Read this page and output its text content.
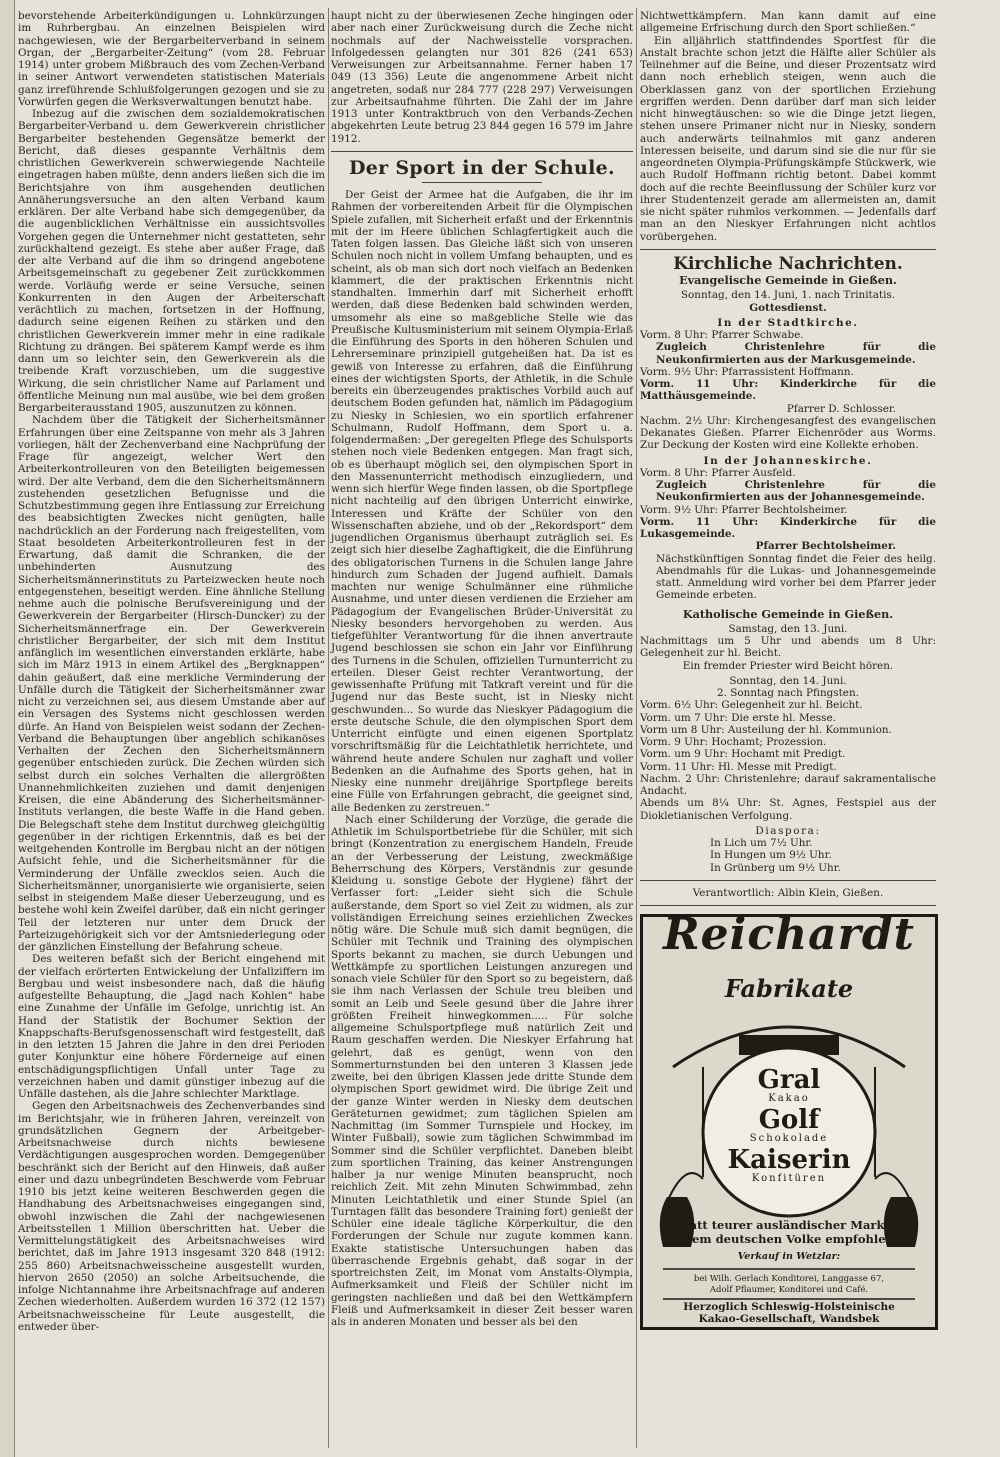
bevorstehende Arbeiterkündigungen u. Lohnkürzungen im Ruhrbergbau. An einzelnen Beispielen wird nachgewiesen, wie der Bergarbeiterverband in seinem Organ, der „Bergarbeiter-Zeitung“ (vom 28. Februar 1914) unter grobem Mißbrauch des vom Zechen-Verband in seiner Antwort verwendeten statistischen Materials ganz irreführende Schlußfolgerungen gezogen und sie zu Vorwürfen gegen die Werksverwaltungen benutzt habe.

Inbezug auf die zwischen dem sozialdemokratischen Bergarbeiter-Verband u. dem Gewerkverein christlicher Bergarbeiter bestehenden Gegensätze bemerkt der Bericht, daß dieses gespannte Verhältnis dem christlichen Gewerkverein schwerwiegende Nachteile eingetragen haben müßte, denn anders ließen sich die im Berichtsjahre von ihm ausgehenden deutlichen Annäherungsversuche an den alten Verband kaum erklären. Der alte Verband habe sich demgegenüber, da die augenblicklichen Verhältnisse ein aussichtsvolles Vorgehen gegen die Unternehmer nicht gestatteten, sehr zurückhaltend gezeigt. Es stehe aber außer Frage, daß der alte Verband auf die ihm so dringend angebotene Arbeitsgemeinschaft zu gegebener Zeit zurückkommen werde. Vorläufig werde er seine Versuche, seinen Konkurrenten in den Augen der Arbeiterschaft verächtlich zu machen, fortsetzen in der Hoffnung, dadurch seine eigenen Reihen zu stärken und den christlichen Gewerkverein immer mehr in eine radikale Richtung zu drängen. Bei späterem Kampf werde es ihm dann um so leichter sein, den Gewerkverein als die treibende Kraft vorzuschieben, um die suggestive Wirkung, die sein christlicher Name auf Parlament und öffentliche Meinung nun mal ausübe, wie bei dem großen Bergarbeiterausstand 1905, auszunutzen zu können.

Nachdem über die Tätigkeit der Sicherheitsmänner Erfahrungen über eine Zeitspanne von mehr als 3 Jahren vorliegen, hält der Zechenverband eine Nachprüfung der Frage für angezeigt, welcher Wert den Arbeiterkontrolleuren von den Beteiligten beigemessen wird. Der alte Verband, dem die den Sicherheitsmännern zustehenden gesetzlichen Befugnisse und die Schutzbestimmung gegen ihre Entlassung zur Erreichung des beabsichtigten Zweckes nicht genügten, halle nachdrücklich an der Forderung nach freigestellten, vom Staat besoldeten Arbeiterkontrolleuren fest in der Erwartung, daß damit die Schranken, die der unbehinderten Ausnutzung des Sicherheitsmännerinstituts zu Parteizwecken heute noch entgegenstehen, beseitigt werden. Eine ähnliche Stellung nehme auch die polnische Berufsvereinigung und der Gewerkverein der Bergarbeiter (Hirsch-Duncker) zu der Sicherheitsmännerfrage ein. Der Gewerkverein christlicher Bergarbeiter, der sich mit dem Institut anfänglich im wesentlichen einverstanden erklärte, habe sich im März 1913 in einem Artikel des „Bergknappen“ dahin geäußert, daß eine merkliche Verminderung der Unfälle durch die Tätigkeit der Sicherheitsmänner zwar nicht zu verzeichnen sei, aus diesem Umstande aber auf ein Versagen des Systems nicht geschlossen werden dürfe. An Hand von Beispielen weist sodann der Zechen-Verband die Behauptungen über angeblich schikanöses Verhalten der Zechen den Sicherheitsmännern gegenüber entschieden zurück. Die Zechen würden sich selbst durch ein solches Verhalten die allergrößten Unannehmlichkeiten zuziehen und damit denjenigen Kreisen, die eine Abänderung des Sicherheitsmänner-Instituts verlangen, die beste Waffe in die Hand geben. Die Belegschaft stehe dem Institut durchweg gleichgültig gegenüber in der richtigen Erkenntnis, daß es bei der weitgehenden Kontrolle im Bergbau nicht an der nötigen Aufsicht fehle, und die Sicherheitsmänner für die Verminderung der Unfälle zwecklos seien. Auch die Sicherheitsmänner, unorganisierte wie organisierte, seien selbst in steigendem Maße dieser Ueberzeugung, und es bestehe wohl kein Zweifel darüber, daß ein nicht geringer Teil der letzteren nur unter dem Druck der Parteizugehörigkeit sich vor der Amtsniederlegung oder der gänzlichen Einstellung der Befahrung scheue.

Des weiteren befaßt sich der Bericht eingehend mit der vielfach erörterten Entwickelung der Unfallziffern im Bergbau und weist insbesondere nach, daß die häufig aufgestellte Behauptung, die „Jagd nach Kohlen“ habe eine Zunahme der Unfälle im Gefolge, unrichtig ist. An Hand der Statistik der Bochumer Sektion der Knappschafts-Berufsgenossenschaft wird festgestellt, daß in den letzten 15 Jahren die Jahre in den drei Perioden guter Konjunktur eine höhere Förderneige auf einen entschädigungspflichtigen Unfall unter Tage zu verzeichnen haben und damit günstiger inbezug auf die Unfälle dastehen, als die Jahre schlechter Marktlage.

Gegen den Arbeitsnachweis des Zechenverbandes sind im Berichtsjahr, wie in früheren Jahren, vereinzelt von grundsätzlichen Gegnern der Arbeitgeber-Arbeitsnachweise durch nichts bewiesene Verdächtigungen ausgesprochen worden. Demgegenüber beschränkt sich der Bericht auf den Hinweis, daß außer einer und dazu unbegründeten Beschwerde vom Februar 1910 bis jetzt keine weiteren Beschwerden gegen die Handhabung des Arbeitsnachweises eingegangen sind, obwohl inzwischen die Zahl der nachgewiesenen Arbeitsstellen 1 Million überschritten hat. Ueber die Vermittelungstätigkeit des Arbeitsnachweises wird berichtet, daß im Jahre 1913 insgesamt 320 848 (1912: 255 860) Arbeitsnachweisscheine ausgestellt wurden, hiervon 2650 (2050) an solche Arbeitsuchende, die infolge Nichtannahme ihre Arbeitsnachfrage auf anderen Zechen wiederholten. Außerdem wurden 16 372 (12 157) Arbeitsnachweisscheine für Leute ausgestellt, die entweder über-

haupt nicht zu der überwiesenen Zeche hingingen oder aber nach einer Zurückweisung durch die Zeche nicht nochmals auf der Nachweisstelle vorsprachen. Infolgedessen gelangten nur 301 826 (241 653) Verweisungen zur Arbeitsannahme. Ferner haben 17 049 (13 356) Leute die angenommene Arbeit nicht angetreten, sodaß nur 284 777 (228 297) Verweisungen zur Arbeitsaufnahme führten. Die Zahl der im Jahre 1913 unter Kontraktbruch von den Verbands-Zechen abgekehrten Leute betrug 23 844 gegen 16 579 im Jahre 1912.

Der Sport in der Schule.

Der Geist der Armee hat die Aufgaben, die ihr im Rahmen der vorbereitenden Arbeit für die Olympischen Spiele zufallen, mit Sicherheit erfaßt und der Erkenntnis mit der im Heere üblichen Schlagfertigkeit auch die Taten folgen lassen. Das Gleiche läßt sich von unseren Schulen noch nicht in vollem Umfang behaupten, und es scheint, als ob man sich dort noch vielfach an Bedenken klammert, die der praktischen Erkenntnis nicht standhalten. Immerhin darf mit Sicherheit erhofft werden, daß diese Bedenken bald schwinden werden, umsomehr als eine so maßgebliche Stelle wie das Preußische Kultusministerium mit seinem Olympia-Erlaß die Einführung des Sports in den höheren Schulen und Lehrerseminare prinzipiell gutgeheißen hat. Da ist es gewiß von Interesse zu erfahren, daß die Einführung eines der wichtigsten Sports, der Athletik, in die Schule bereits ein überzeugendes praktisches Vorbild auch auf deutschem Boden gefunden hat, nämlich im Pädagogium zu Niesky in Schlesien, wo ein sportlich erfahrener Schulmann, Rudolf Hoffmann, dem Sport u. a. folgendermaßen: „Der geregelten Pflege des Schulsports stehen noch viele Bedenken entgegen. Man fragt sich, ob es überhaupt möglich sei, den olympischen Sport in den Massenunterricht methodisch einzugliedern, und wenn sich hierfür Wege finden lassen, ob die Sportpflege nicht nachteilig auf den übrigen Unterricht einwirke, Interessen und Kräfte der Schüler von den Wissenschaften abziehe, und ob der „Rekordsport“ dem jugendlichen Organismus überhaupt zuträglich sei. Es zeigt sich hier dieselbe Zaghaftigkeit, die die Einführung des obligatorischen Turnens in die Schulen lange Jahre hindurch zum Schaden der Jugend aufhielt. Damals machten nur wenige Schulmänner eine rühmliche Ausnahme, und unter diesen verdienen die Erzieher am Pädagogium der Evangelischen Brüder-Universität zu Niesky besonders hervorgehoben zu werden. Aus tiefgefühlter Verantwortung für die ihnen anvertraute Jugend beschlossen sie schon ein Jahr vor Einführung des Turnens in die Schulen, offiziellen Turnunterricht zu erteilen. Dieser Geist rechter Verantwortung, der gewissenhafte Prüfung mit Tatkraft vereint und für die Jugend nur das Beste sucht, ist in Niesky nicht geschwunden... So wurde das Nieskyer Pädagogium die erste deutsche Schule, die den olympischen Sport dem Unterricht einfügte und einen eigenen Sportplatz vorschriftsmäßig für die Leichtathletik herrichtete, und während heute andere Schulen nur zaghaft und voller Bedenken an die Aufnahme des Sports gehen, hat in Niesky eine nunmehr dreijährige Sportpflege bereits eine Fülle von Erfahrungen gebracht, die geeignet sind, alle Bedenken zu zerstreuen.“

Nach einer Schilderung der Vorzüge, die gerade die Athletik im Schulsportbetriebe für die Schüler, mit sich bringt (Konzentration zu energischem Handeln, Freude an der Verbesserung der Leistung, zweckmäßige Beherrschung des Körpers, Verständnis zur gesunde Kleidung u. sonstige Gebote der Hygiene) fährt der Verfasser fort: „Leider sieht sich die Schule außerstande, dem Sport so viel Zeit zu widmen, als zur vollständigen Erreichung seines erziehlichen Zweckes nötig wäre. Die Schule muß sich damit begnügen, die Schüler mit Technik und Training des olympischen Sports bekannt zu machen, sie durch Uebungen und Wettkämpfe zu sportlichen Leistungen anzuregen und sonach viele Schüler für den Sport so zu begeistern, daß sie ihm nach Verlassen der Schule treu bleiben und somit an Leib und Seele gesund über die Jahre ihrer größten Freiheit hinwegkommen..... Für solche allgemeine Schulsportpflege muß natürlich Zeit und Raum geschaffen werden. Die Nieskyer Erfahrung hat gelehrt, daß es genügt, wenn von den Sommerturnstunden bei den unteren 3 Klassen jede zweite, bei den übrigen Klassen jede dritte Stunde dem olympischen Sport gewidmet wird. Die übrige Zeit und der ganze Winter werden in Niesky dem deutschen Geräteturnen gewidmet; zum täglichen Spielen am Nachmittag (im Sommer Turnspiele und Hockey, im Winter Fußball), sowie zum täglichen Schwimmbad im Sommer sind die Schüler verpflichtet. Daneben bleibt zum sportlichen Training, das keiner Anstrengungen halber ja nur wenige Minuten beansprucht, noch reichlich Zeit. Mit zehn Minuten Schwimmbad, zehn Minuten Leichtathletik und einer Stunde Spiel (an Turntagen fällt das besondere Training fort) genießt der Schüler eine ideale tägliche Körperkultur, die den Forderungen der Schule nur zugute kommen kann. Exakte statistische Untersuchungen haben das überraschende Ergebnis gehabt, daß sogar in der sportreichsten Zeit, im Monat vom Anstalts-Olympia, Aufmerksamkeit und Fleiß der Schüler nicht im geringsten nachließen und daß bei den Wettkämpfern Fleiß und Aufmerksamkeit in dieser Zeit besser waren als in anderen Monaten und besser als bei den

Nichtwettkämpfern. Man kann damit auf eine allgemeine Erfrischung durch den Sport schließen.“

Ein alljährlich stattfindendes Sportfest für die Anstalt brachte schon jetzt die Hälfte aller Schüler als Teilnehmer auf die Beine, und dieser Prozentsatz wird dann noch erheblich steigen, wenn auch die Oberklassen ganz von der sportlichen Erziehung ergriffen werden. Denn darüber darf man sich leider nicht hinwegtäuschen: so wie die Dinge jetzt liegen, stehen unsere Primaner nicht nur in Niesky, sondern auch anderwärts teilnahmlos mit ganz anderen Interessen beiseite, und darum sind sie die nur für sie angeordneten Olympia-Prüfungskämpfe Stückwerk, wie auch Rudolf Hoffmann richtig betont. Dabei kommt doch auf die rechte Beeinflussung der Schüler kurz vor ihrer Studentenzeit gerade am allermeisten an, damit sie nicht später ruhmlos verkommen. — Jedenfalls darf man an den Nieskyer Erfahrungen nicht achtlos vorübergehen.

Kirchliche Nachrichten.
Evangelische Gemeinde in Gießen.
Sonntag, den 14. Juni, 1. nach Trinitatis.
Gottesdienst.
In der Stadtkirche.
Vorm. 8 Uhr: Pfarrer Schwabe.
Zugleich Christenlehre für die Neukonfirmierten aus der Markusgemeinde.
Vorm. 9½ Uhr: Pfarrassistent Hoffmann.
Vorm. 11 Uhr: Kinderkirche für die Matthäusgemeinde.
Pfarrer D. Schlosser.
Nachm. 2½ Uhr: Kirchengesangfest des evangelischen Dekanates Gießen. Pfarrer Eichenröder aus Worms. Zur Deckung der Kosten wird eine Kollekte erhoben.
In der Johanneskirche.
Vorm. 8 Uhr: Pfarrer Ausfeld.
Zugleich Christenlehre für die Neukonfirmierten aus der Johannesgemeinde.
Vorm. 9½ Uhr: Pfarrer Bechtolsheimer.
Vorm. 11 Uhr: Kinderkirche für die Lukasgemeinde.
Pfarrer Bechtolsheimer.
Nächstkünftigen Sonntag findet die Feier des heilg. Abendmahls für die Lukas- und Johannesgemeinde statt. Anmeldung wird vorher bei dem Pfarrer jeder Gemeinde erbeten.
Katholische Gemeinde in Gießen.
Samstag, den 13. Juni.
Nachmittags um 5 Uhr und abends um 8 Uhr: Gelegenheit zur hl. Beicht.
Ein fremder Priester wird Beicht hören.
Sonntag, den 14. Juni.
2. Sonntag nach Pfingsten.
Vorm. 6½ Uhr: Gelegenheit zur hl. Beicht.
Vorm. um 7 Uhr: Die erste hl. Messe.
Vorm um 8 Uhr: Austeilung der hl. Kommunion.
Vorm. 9 Uhr: Hochamt; Prozession.
Vorm. um 9 Uhr: Hochamt mit Predigt.
Vorm. 11 Uhr: Hl. Messe mit Predigt.
Nachm. 2 Uhr: Christenlehre; darauf sakramentalische Andacht.
Abends um 8¼ Uhr: St. Agnes, Festspiel aus der Diokletianischen Verfolgung.
Diaspora:
In Lich um 7½ Uhr.
In Hungen um 9½ Uhr.
In Grünberg um 9½ Uhr.
Verantwortlich: Albin Klein, Gießen.
Reichardt
Fabrikate
Gral
Kakao
Golf
Schokolade
Kaiserin
Konfitüren
statt teurer ausländischer Marken
dem deutschen Volke empfohlen
Verkauf in Wetzlar:
bei Wilh. Gerlach Konditorei, Langgasse 67,
Adolf Pflaumer, Konditorei und Café.
Herzoglich Schleswig-Holsteinische
Kakao-Gesellschaft, Wandsbek
